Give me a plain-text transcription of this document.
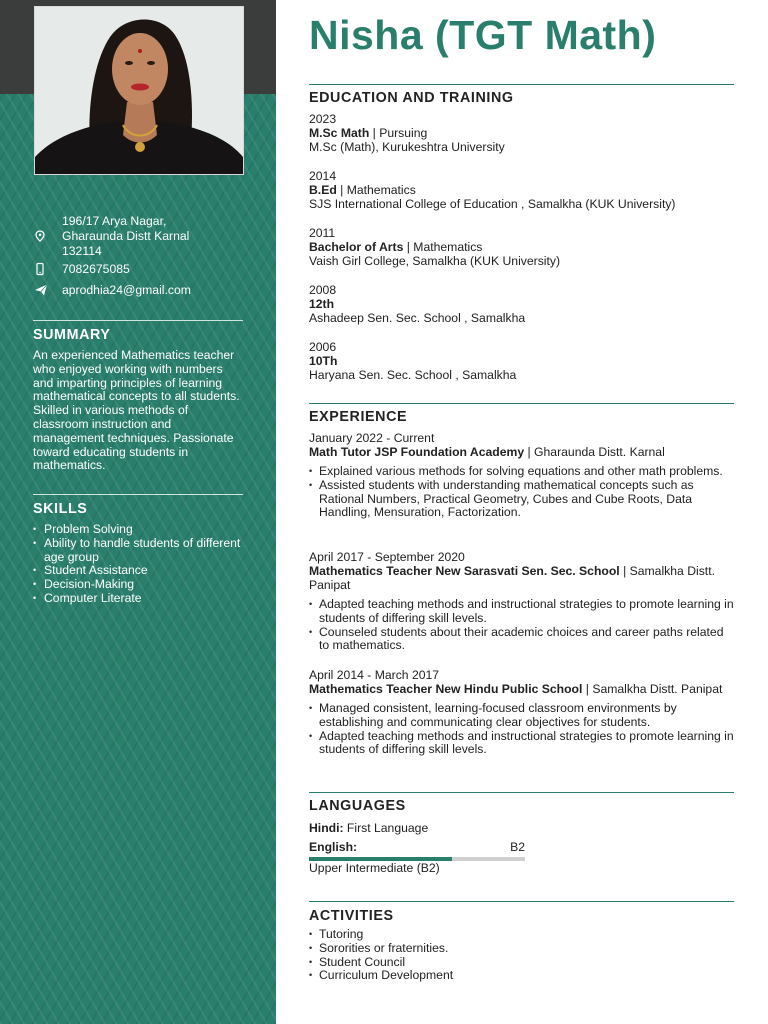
196/17 Arya Nagar,
Gharaunda Distt Karnal
132114
7082675085
aprodhia24@gmail.com
SUMMARY
An experienced Mathematics teacher who enjoyed working with numbers and imparting principles of learning mathematical concepts to all students. Skilled in various methods of classroom instruction and management techniques. Passionate toward educating students in mathematics.
SKILLS
• Problem Solving
• Ability to handle students of different age group
• Student Assistance
• Decision-Making
• Computer Literate
Nisha (TGT Math)
EDUCATION AND TRAINING
2023
M.Sc Math | Pursuing
M.Sc (Math), Kurukeshtra University
2014
B.Ed | Mathematics
SJS International College of Education , Samalkha (KUK University)
2011
Bachelor of Arts | Mathematics
Vaish Girl College, Samalkha (KUK University)
2008
12th
Ashadeep Sen. Sec. School , Samalkha
2006
10Th
Haryana Sen. Sec. School , Samalkha
EXPERIENCE
January 2022 - Current
Math Tutor JSP Foundation Academy | Gharaunda Distt. Karnal
• Explained various methods for solving equations and other math problems.
• Assisted students with understanding mathematical concepts such as Rational Numbers, Practical Geometry, Cubes and Cube Roots, Data Handling, Mensuration, Factorization.
April 2017 - September 2020
Mathematics Teacher New Sarasvati Sen. Sec. School | Samalkha Distt. Panipat
• Adapted teaching methods and instructional strategies to promote learning in students of differing skill levels.
• Counseled students about their academic choices and career paths related to mathematics.
April 2014 - March 2017
Mathematics Teacher New Hindu Public School | Samalkha Distt. Panipat
• Managed consistent, learning-focused classroom environments by establishing and communicating clear objectives for students.
• Adapted teaching methods and instructional strategies to promote learning in students of differing skill levels.
LANGUAGES
Hindi: First Language
English:	B2
Upper Intermediate (B2)
ACTIVITIES
• Tutoring
• Sororities or fraternities.
• Student Council
• Curriculum Development
